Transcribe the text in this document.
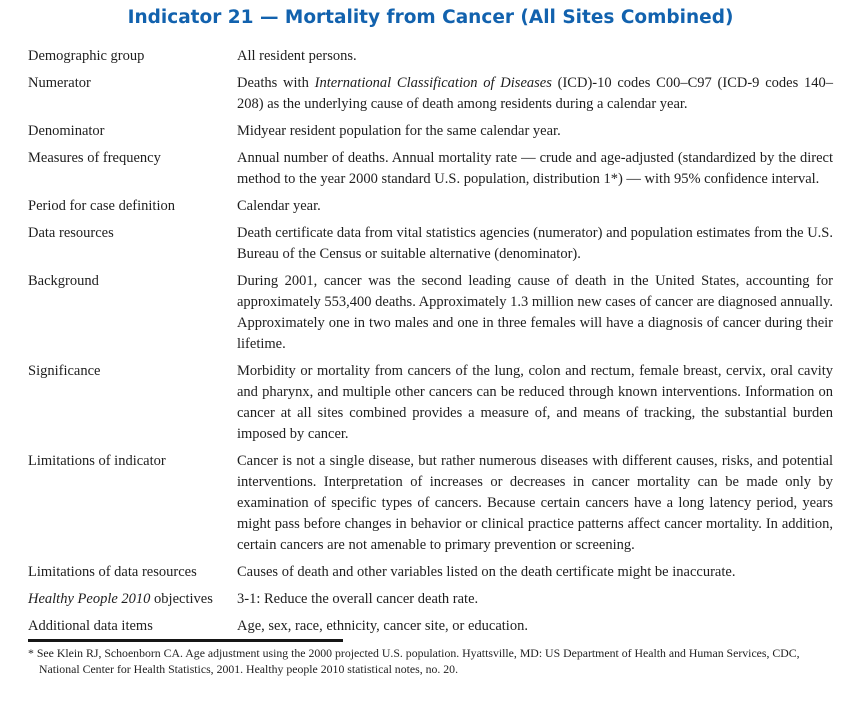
Indicator 21 — Mortality from Cancer (All Sites Combined)
Demographic group	All resident persons.
Numerator	Deaths with International Classification of Diseases (ICD)-10 codes C00–C97 (ICD-9 codes 140–208) as the underlying cause of death among residents during a calendar year.
Denominator	Midyear resident population for the same calendar year.
Measures of frequency	Annual number of deaths. Annual mortality rate — crude and age-adjusted (standardized by the direct method to the year 2000 standard U.S. population, distribution 1*) — with 95% confidence interval.
Period for case definition	Calendar year.
Data resources	Death certificate data from vital statistics agencies (numerator) and population estimates from the U.S. Bureau of the Census or suitable alternative (denominator).
Background	During 2001, cancer was the second leading cause of death in the United States, accounting for approximately 553,400 deaths. Approximately 1.3 million new cases of cancer are diagnosed annually. Approximately one in two males and one in three females will have a diagnosis of cancer during their lifetime.
Significance	Morbidity or mortality from cancers of the lung, colon and rectum, female breast, cervix, oral cavity and pharynx, and multiple other cancers can be reduced through known interventions. Information on cancer at all sites combined provides a measure of, and means of tracking, the substantial burden imposed by cancer.
Limitations of indicator	Cancer is not a single disease, but rather numerous diseases with different causes, risks, and potential interventions. Interpretation of increases or decreases in cancer mortality can be made only by examination of specific types of cancers. Because certain cancers have a long latency period, years might pass before changes in behavior or clinical practice patterns affect cancer mortality. In addition, certain cancers are not amenable to primary prevention or screening.
Limitations of data resources	Causes of death and other variables listed on the death certificate might be inaccurate.
Healthy People 2010 objectives	3-1: Reduce the overall cancer death rate.
Additional data items	Age, sex, race, ethnicity, cancer site, or education.
* See Klein RJ, Schoenborn CA. Age adjustment using the 2000 projected U.S. population. Hyattsville, MD: US Department of Health and Human Services, CDC, National Center for Health Statistics, 2001. Healthy people 2010 statistical notes, no. 20.
